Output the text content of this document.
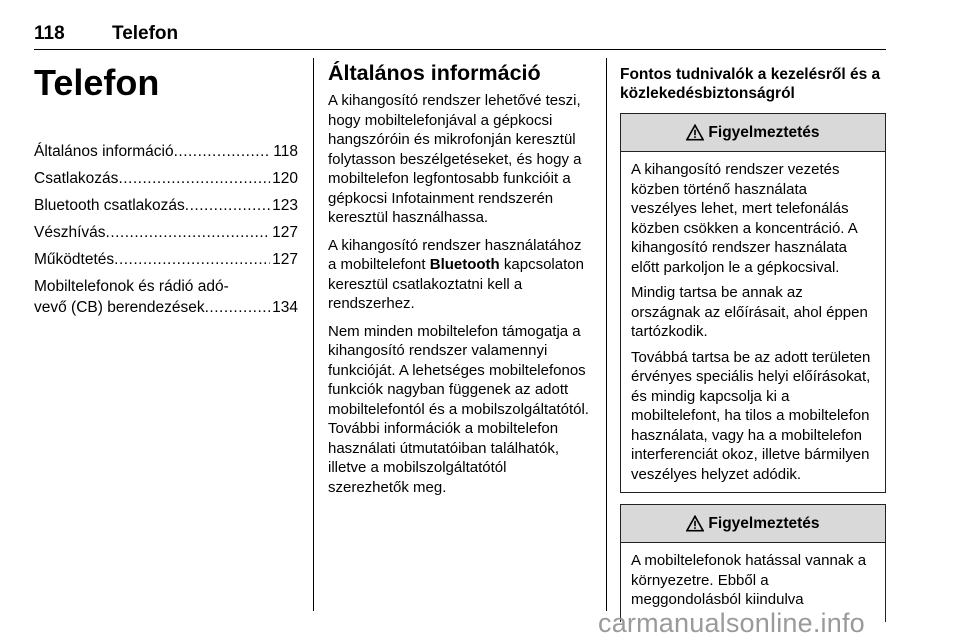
118 Telefon
Telefon
Általános információ .....	118
Csatlakozás .....	120
Bluetooth csatlakozás .....	123
Vészhívás .....	127
Működtetés .....	127
Mobiltelefonok és rádió adó-
vevő (CB) berendezések .....	134
Általános információ

A kihangosító rendszer lehetővé teszi, hogy mobiltelefonjával a gépkocsi hangszóróin és mikrofonján keresztül folytasson beszélgetéseket, és hogy a mobiltelefon legfontosabb funkcióit a gépkocsi Infotainment rendszerén keresztül használhassa.

A kihangosító rendszer használatához a mobiltelefont Bluetooth kapcsolaton keresztül csatlakoztatni kell a rendszerhez.

Nem minden mobiltelefon támogatja a kihangosító rendszer valamennyi funkcióját. A lehetséges mobiltelefonos funkciók nagyban függenek az adott mobiltelefontól és a mobilszolgáltatótól. További információk a mobiltelefon használati útmutatóiban találhatók, illetve a mobilszolgáltatótól szerezhetők meg.

Fontos tudnivalók a kezelésről és a közlekedésbiztonságról
Figyelmeztetés

A kihangosító rendszer vezetés közben történő használata veszélyes lehet, mert telefonálás közben csökken a koncentráció. A kihangosító rendszer használata előtt parkoljon le a gépkocsival.

Mindig tartsa be annak az országnak az előírásait, ahol éppen tartózkodik.

Továbbá tartsa be az adott területen érvényes speciális helyi előírásokat, és mindig kapcsolja ki a mobiltelefont, ha tilos a mobiltelefon használata, vagy ha a mobiltelefon interferenciát okoz, illetve bármilyen veszélyes helyzet adódik.

Figyelmeztetés

A mobiltelefonok hatással vannak a környezetre. Ebből a meggondolásból kiindulva

carmanualsonline.info
